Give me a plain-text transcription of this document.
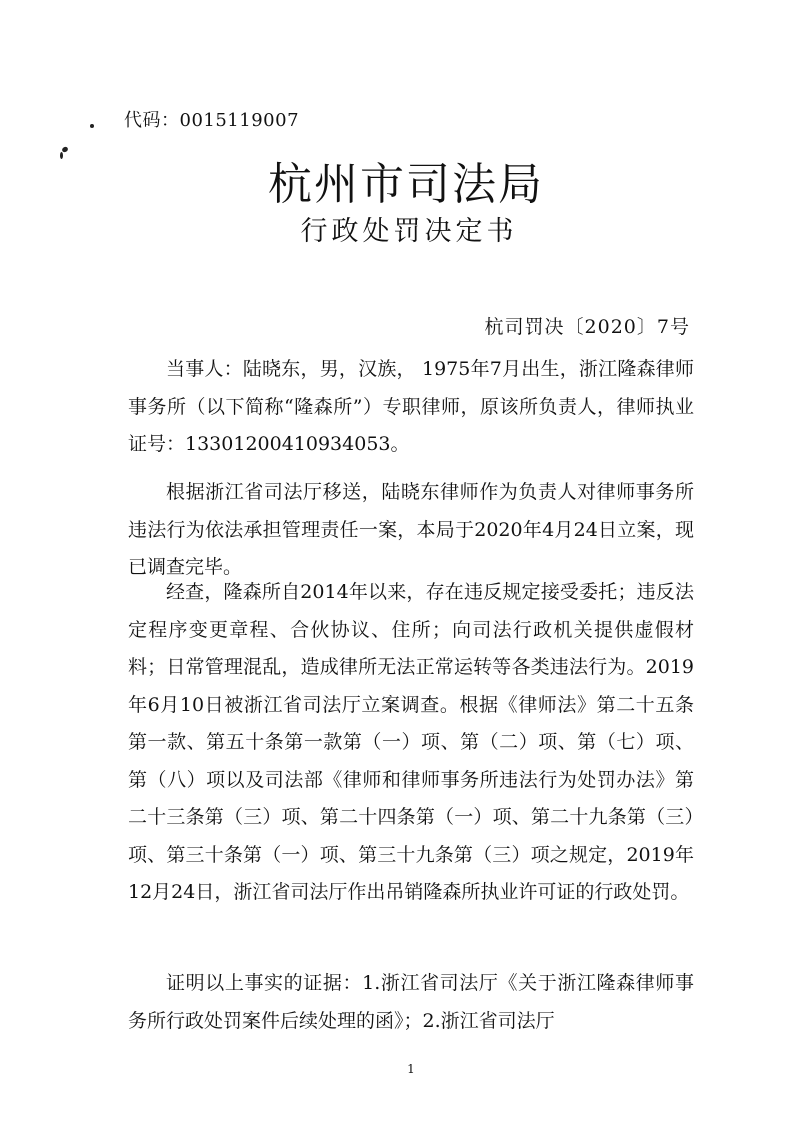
代码：0015119007
杭州市司法局
行政处罚决定书
杭司罚决〔2020〕7号

当事人：陆晓东，男，汉族， 1975年7月出生，浙江隆森律师事务所（以下简称“隆森所”）专职律师，原该所负责人，律师执业证号：13301200410934053。

根据浙江省司法厅移送，陆晓东律师作为负责人对律师事务所违法行为依法承担管理责任一案，本局于2020年4月24日立案，现已调查完毕。

经查，隆森所自2014年以来，存在违反规定接受委托；违反法定程序变更章程、合伙协议、住所；向司法行政机关提供虚假材料；日常管理混乱，造成律所无法正常运转等各类违法行为。2019年6月10日被浙江省司法厅立案调查。根据《律师法》第二十五条第一款、第五十条第一款第（一）项、第（二）项、第（七）项、第（八）项以及司法部《律师和律师事务所违法行为处罚办法》第二十三条第（三）项、第二十四条第（一）项、第二十九条第（三）项、第三十条第（一）项、第三十九条第（三）项之规定，2019年12月24日，浙江省司法厅作出吊销隆森所执业许可证的行政处罚。

证明以上事实的证据：1.浙江省司法厅《关于浙江隆森律师事务所行政处罚案件后续处理的函》；2.浙江省司法厅

1
